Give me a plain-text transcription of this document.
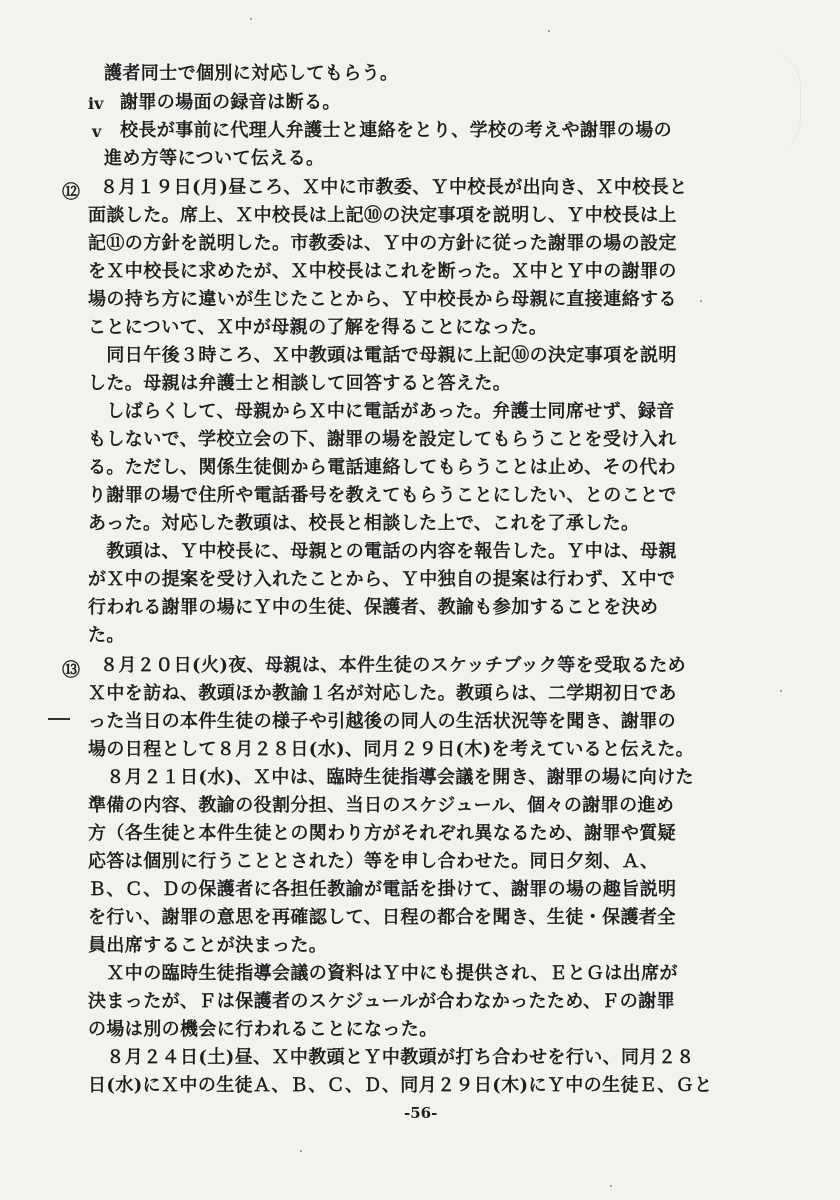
護者同士で個別に対応してもらう。
ⅳ 謝罪の場面の録音は断る。
ⅴ 校長が事前に代理人弁護士と連絡をとり、学校の考えや謝罪の場の
進め方等について伝える。
⑫ ８月１９日(月)昼ころ、Ｘ中に市教委、Ｙ中校長が出向き、Ｘ中校長と
面談した。席上、Ｘ中校長は上記⑩の決定事項を説明し、Ｙ中校長は上
記⑪の方針を説明した。市教委は、Ｙ中の方針に従った謝罪の場の設定
をＸ中校長に求めたが、Ｘ中校長はこれを断った。Ｘ中とＹ中の謝罪の
場の持ち方に違いが生じたことから、Ｙ中校長から母親に直接連絡する
ことについて、Ｘ中が母親の了解を得ることになった。
　同日午後３時ころ、Ｘ中教頭は電話で母親に上記⑩の決定事項を説明
した。母親は弁護士と相談して回答すると答えた。
　しばらくして、母親からＸ中に電話があった。弁護士同席せず、録音
もしないで、学校立会の下、謝罪の場を設定してもらうことを受け入れ
る。ただし、関係生徒側から電話連絡してもらうことは止め、その代わ
り謝罪の場で住所や電話番号を教えてもらうことにしたい、とのことで
あった。対応した教頭は、校長と相談した上で、これを了承した。
　教頭は、Ｙ中校長に、母親との電話の内容を報告した。Ｙ中は、母親
がＸ中の提案を受け入れたことから、Ｙ中独自の提案は行わず、Ｘ中で
行われる謝罪の場にＹ中の生徒、保護者、教諭も参加することを決め
た。
⑬ ８月２０日(火)夜、母親は、本件生徒のスケッチブック等を受取るため
Ｘ中を訪ね、教頭ほか教諭１名が対応した。教頭らは、二学期初日であ
った当日の本件生徒の様子や引越後の同人の生活状況等を聞き、謝罪の
場の日程として８月２８日(水)、同月２９日(木)を考えていると伝えた。
　８月２１日(水)、Ｘ中は、臨時生徒指導会議を開き、謝罪の場に向けた
準備の内容、教諭の役割分担、当日のスケジュール、個々の謝罪の進め
方（各生徒と本件生徒との関わり方がそれぞれ異なるため、謝罪や質疑
応答は個別に行うこととされた）等を申し合わせた。同日夕刻、Ａ、
Ｂ、Ｃ、Ｄの保護者に各担任教諭が電話を掛けて、謝罪の場の趣旨説明
を行い、謝罪の意思を再確認して、日程の都合を聞き、生徒・保護者全
員出席することが決まった。
　Ｘ中の臨時生徒指導会議の資料はＹ中にも提供され、ＥとＧは出席が
決まったが、Ｆは保護者のスケジュールが合わなかったため、Ｆの謝罪
の場は別の機会に行われることになった。
　８月２４日(土)昼、Ｘ中教頭とＹ中教頭が打ち合わせを行い、同月２８
日(水)にＸ中の生徒Ａ、Ｂ、Ｃ、Ｄ、同月２９日(木)にＹ中の生徒Ｅ、Ｇと
-56-
